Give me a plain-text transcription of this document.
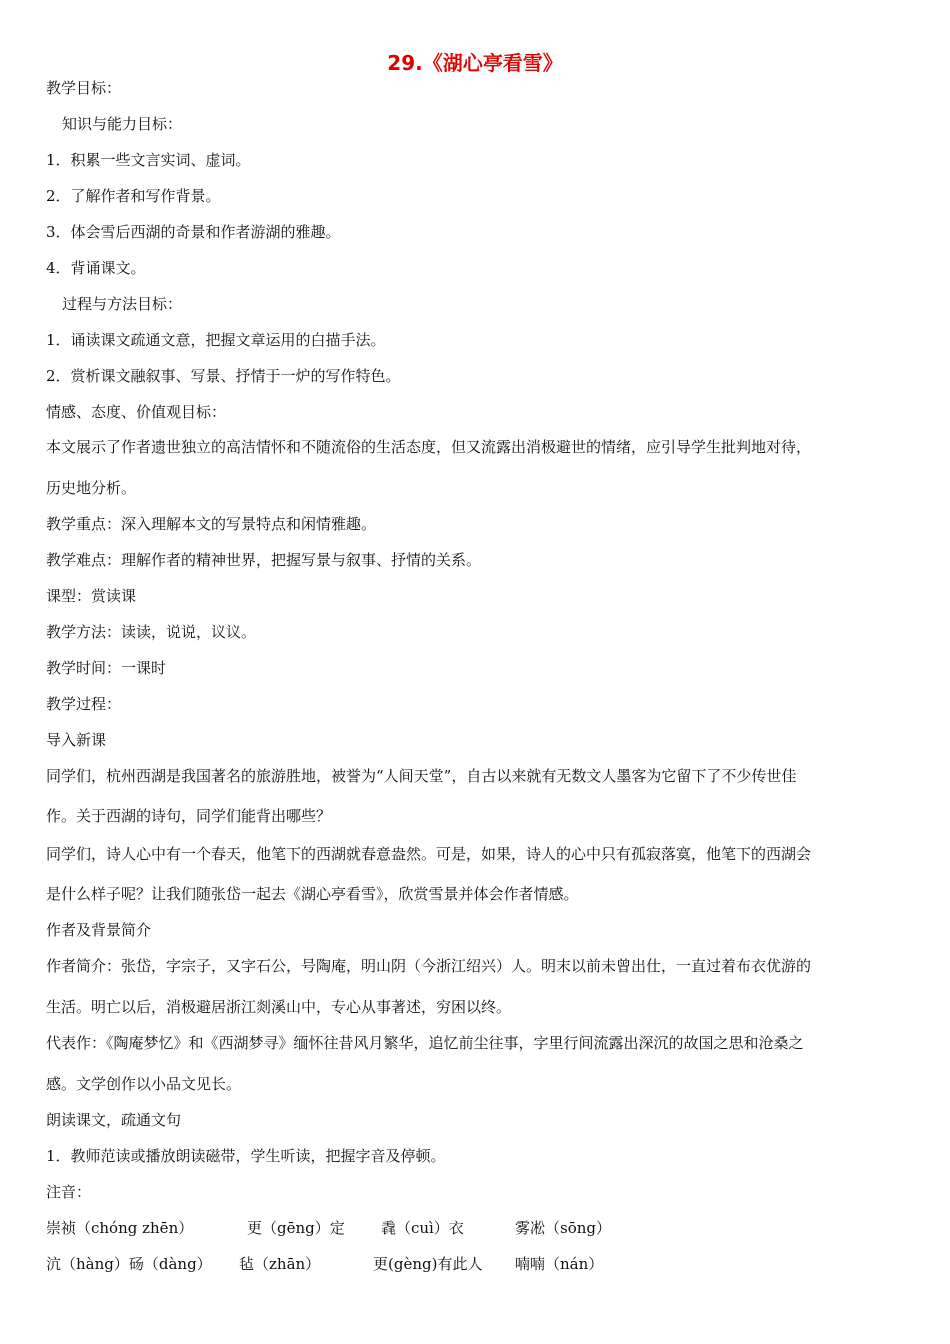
29.《湖心亭看雪》
教学目标：
知识与能力目标：
1．积累一些文言实词、虚词。
2．了解作者和写作背景。
3．体会雪后西湖的奇景和作者游湖的雅趣。
4．背诵课文。
过程与方法目标：
1．诵读课文疏通文意，把握文章运用的白描手法。
2．赏析课文融叙事、写景、抒情于一炉的写作特色。
情感、态度、价值观目标：
本文展示了作者遗世独立的高洁情怀和不随流俗的生活态度，但又流露出消极避世的情绪，应引导学生批判地对待，
历史地分析。
教学重点：深入理解本文的写景特点和闲情雅趣。
教学难点：理解作者的精神世界，把握写景与叙事、抒情的关系。
课型：赏读课
教学方法：读读，说说，议议。
教学时间：一课时
教学过程：
导入新课
同学们，杭州西湖是我国著名的旅游胜地，被誉为“人间天堂”，自古以来就有无数文人墨客为它留下了不少传世佳
作。关于西湖的诗句，同学们能背出哪些？
同学们，诗人心中有一个春天，他笔下的西湖就春意盎然。可是，如果，诗人的心中只有孤寂落寞，他笔下的西湖会
是什么样子呢？让我们随张岱一起去《湖心亭看雪》，欣赏雪景并体会作者情感。
作者及背景简介
作者简介：张岱，字宗子，又字石公，号陶庵，明山阴（今浙江绍兴）人。明末以前未曾出仕，一直过着布衣优游的
生活。明亡以后，消极避居浙江剡溪山中，专心从事著述，穷困以终。
代表作：《陶庵梦忆》和《西湖梦寻》缅怀往昔风月繁华，追忆前尘往事，字里行间流露出深沉的故国之思和沧桑之
感。文学创作以小品文见长。
朗读课文，疏通文句
1．教师范读或播放朗读磁带，学生听读，把握字音及停顿。
注音：
崇祯（chóng zhēn）	更（gēng）定 毳（cuì）衣	雾凇（sōng）
沆（hàng）砀（dàng） 毡（zhān）	更(gèng)有此人 喃喃（nán）
